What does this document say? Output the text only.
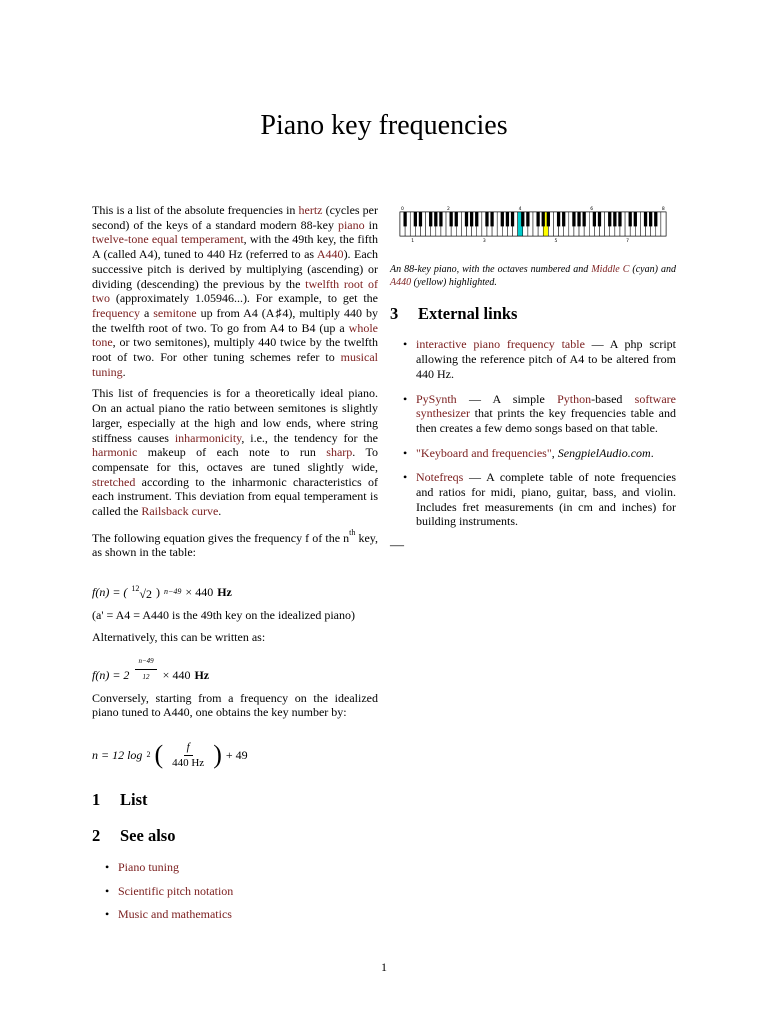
Piano key frequencies

This is a list of the absolute frequencies in hertz (cycles per second) of the keys of a standard modern 88-key piano in twelve-tone equal temperament, with the 49th key, the fifth A (called A4), tuned to 440 Hz (referred to as A440). Each successive pitch is derived by multiplying (ascending) or dividing (descending) the previous by the twelfth root of two (approximately 1.05946...). For example, to get the frequency a semitone up from A4 (A♯4), multiply 440 by the twelfth root of two. To go from A4 to B4 (up a whole tone, or two semitones), multiply 440 twice by the twelfth root of two. For other tuning schemes refer to musical tuning.

This list of frequencies is for a theoretically ideal piano. On an actual piano the ratio between semitones is slightly larger, especially at the high and low ends, where string stiffness causes inharmonicity, i.e., the tendency for the harmonic makeup of each note to run sharp. To compensate for this, octaves are tuned slightly wide, stretched according to the inharmonic characteristics of each instrument. This deviation from equal temperament is called the Railsback curve.

The following equation gives the frequency f of the $n^{th}$ key, as shown in the table:

f(n) = ( $^{12}$√2 ) n−49 × 440 Hz

(a' = A4 = A440 is the 49th key on the idealized piano)

Alternatively, this can be written as:

$f(n) = 2 \frac{n-49}{12} \times 440$ Hz

Conversely, starting from a frequency on the idealized piano tuned to A440, one obtains the key number by:

n = 12 log 2 ( $\frac{f}{440 Hz}$ ) + 49
1 List
2 See also
• Piano tuning
• Scientific pitch notation
• Music and mathematics
0	2	4	6	8
1	3	5	7
An 88-key piano, with the octaves numbered and Middle C (cyan) and A440 (yellow) highlighted.
3 External links
• interactive piano frequency table — A php script allowing the reference pitch of A4 to be altered from 440 Hz.
• PySynth — A simple Python-based software synthesizer that prints the key frequencies table and then creates a few demo songs based on that table.
• "Keyboard and frequencies", SengpielAudio.com.
• Notefreqs — A complete table of note frequencies and ratios for midi, piano, guitar, bass, and violin. Includes fret measurements (in cm and inches) for building instruments.
—
1
